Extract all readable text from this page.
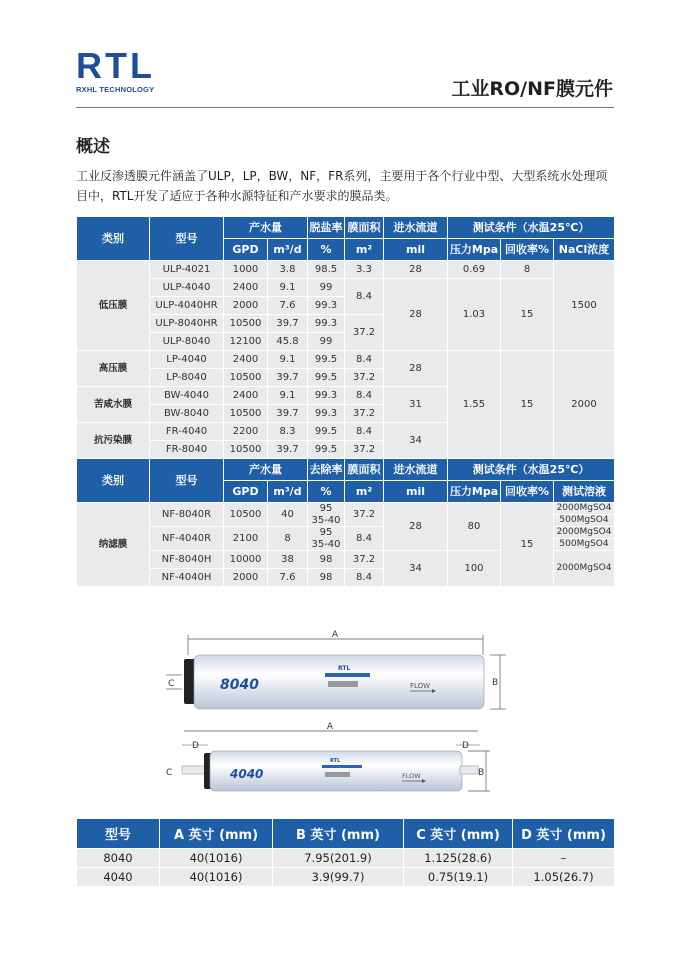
RTL
RXHL TECHNOLOGY	工业RO/NF膜元件
概述
工业反渗透膜元件涵盖了ULP，LP，BW，NF，FR系列，主要用于各个行业中型、大型系统水处理项目中，RTL开发了适应于各种水源特征和产水要求的膜品类。
类别	型号	产水量		脱盐率	膜面积	进水流道	测试条件（水温25℃）		
		GPD	m³/d	%	m²	mil	压力Mpa	回收率%	NaCl浓度
低压膜	ULP-4021	1000	3.8	98.5	3.3	28	0.69	8	1500
	ULP-4040	2400	9.1	99	8.4	28	1.03	15	
	ULP-4040HR	2000	7.6	99.3					
	ULP-8040HR	10500	39.7	99.3	37.2				
	ULP-8040	12100	45.8	99					
高压膜	LP-4040	2400	9.1	99.5	8.4	28	1.55	15	2000
	LP-8040	10500	39.7	99.5	37.2				
苦咸水膜	BW-4040	2400	9.1	99.3	8.4	31			
	BW-8040	10500	39.7	99.3	37.2				
抗污染膜	FR-4040	2200	8.3	99.5	8.4	34			
	FR-8040	10500	39.7	99.5	37.2				
类别	型号	产水量		去除率	膜面积	进水流道	测试条件（水温25℃）		
		GPD	m³/d	%	m²	mil	压力Mpa	回收率%	测试溶液
纳滤膜	NF-8040R	10500	40	95	37.2	28	80	15	2000MgSO4
				35-40					500MgSO4
	NF-4040R	2100	8	95	8.4				2000MgSO4
				35-40					500MgSO4
	NF-8040H	10000	38	98	37.2	34	100		2000MgSO4
	NF-4040H	2000	7.6	98	8.4				
A
8040
RTL
FLOW	B
C
A
D	D
4040
RTL
FLOW	B
C
型号	A 英寸 (mm)	B 英寸 (mm)	C 英寸 (mm)	D 英寸 (mm)
8040	40(1016)	7.95(201.9)	1.125(28.6)	–
4040	40(1016)	3.9(99.7)	0.75(19.1)	1.05(26.7)
